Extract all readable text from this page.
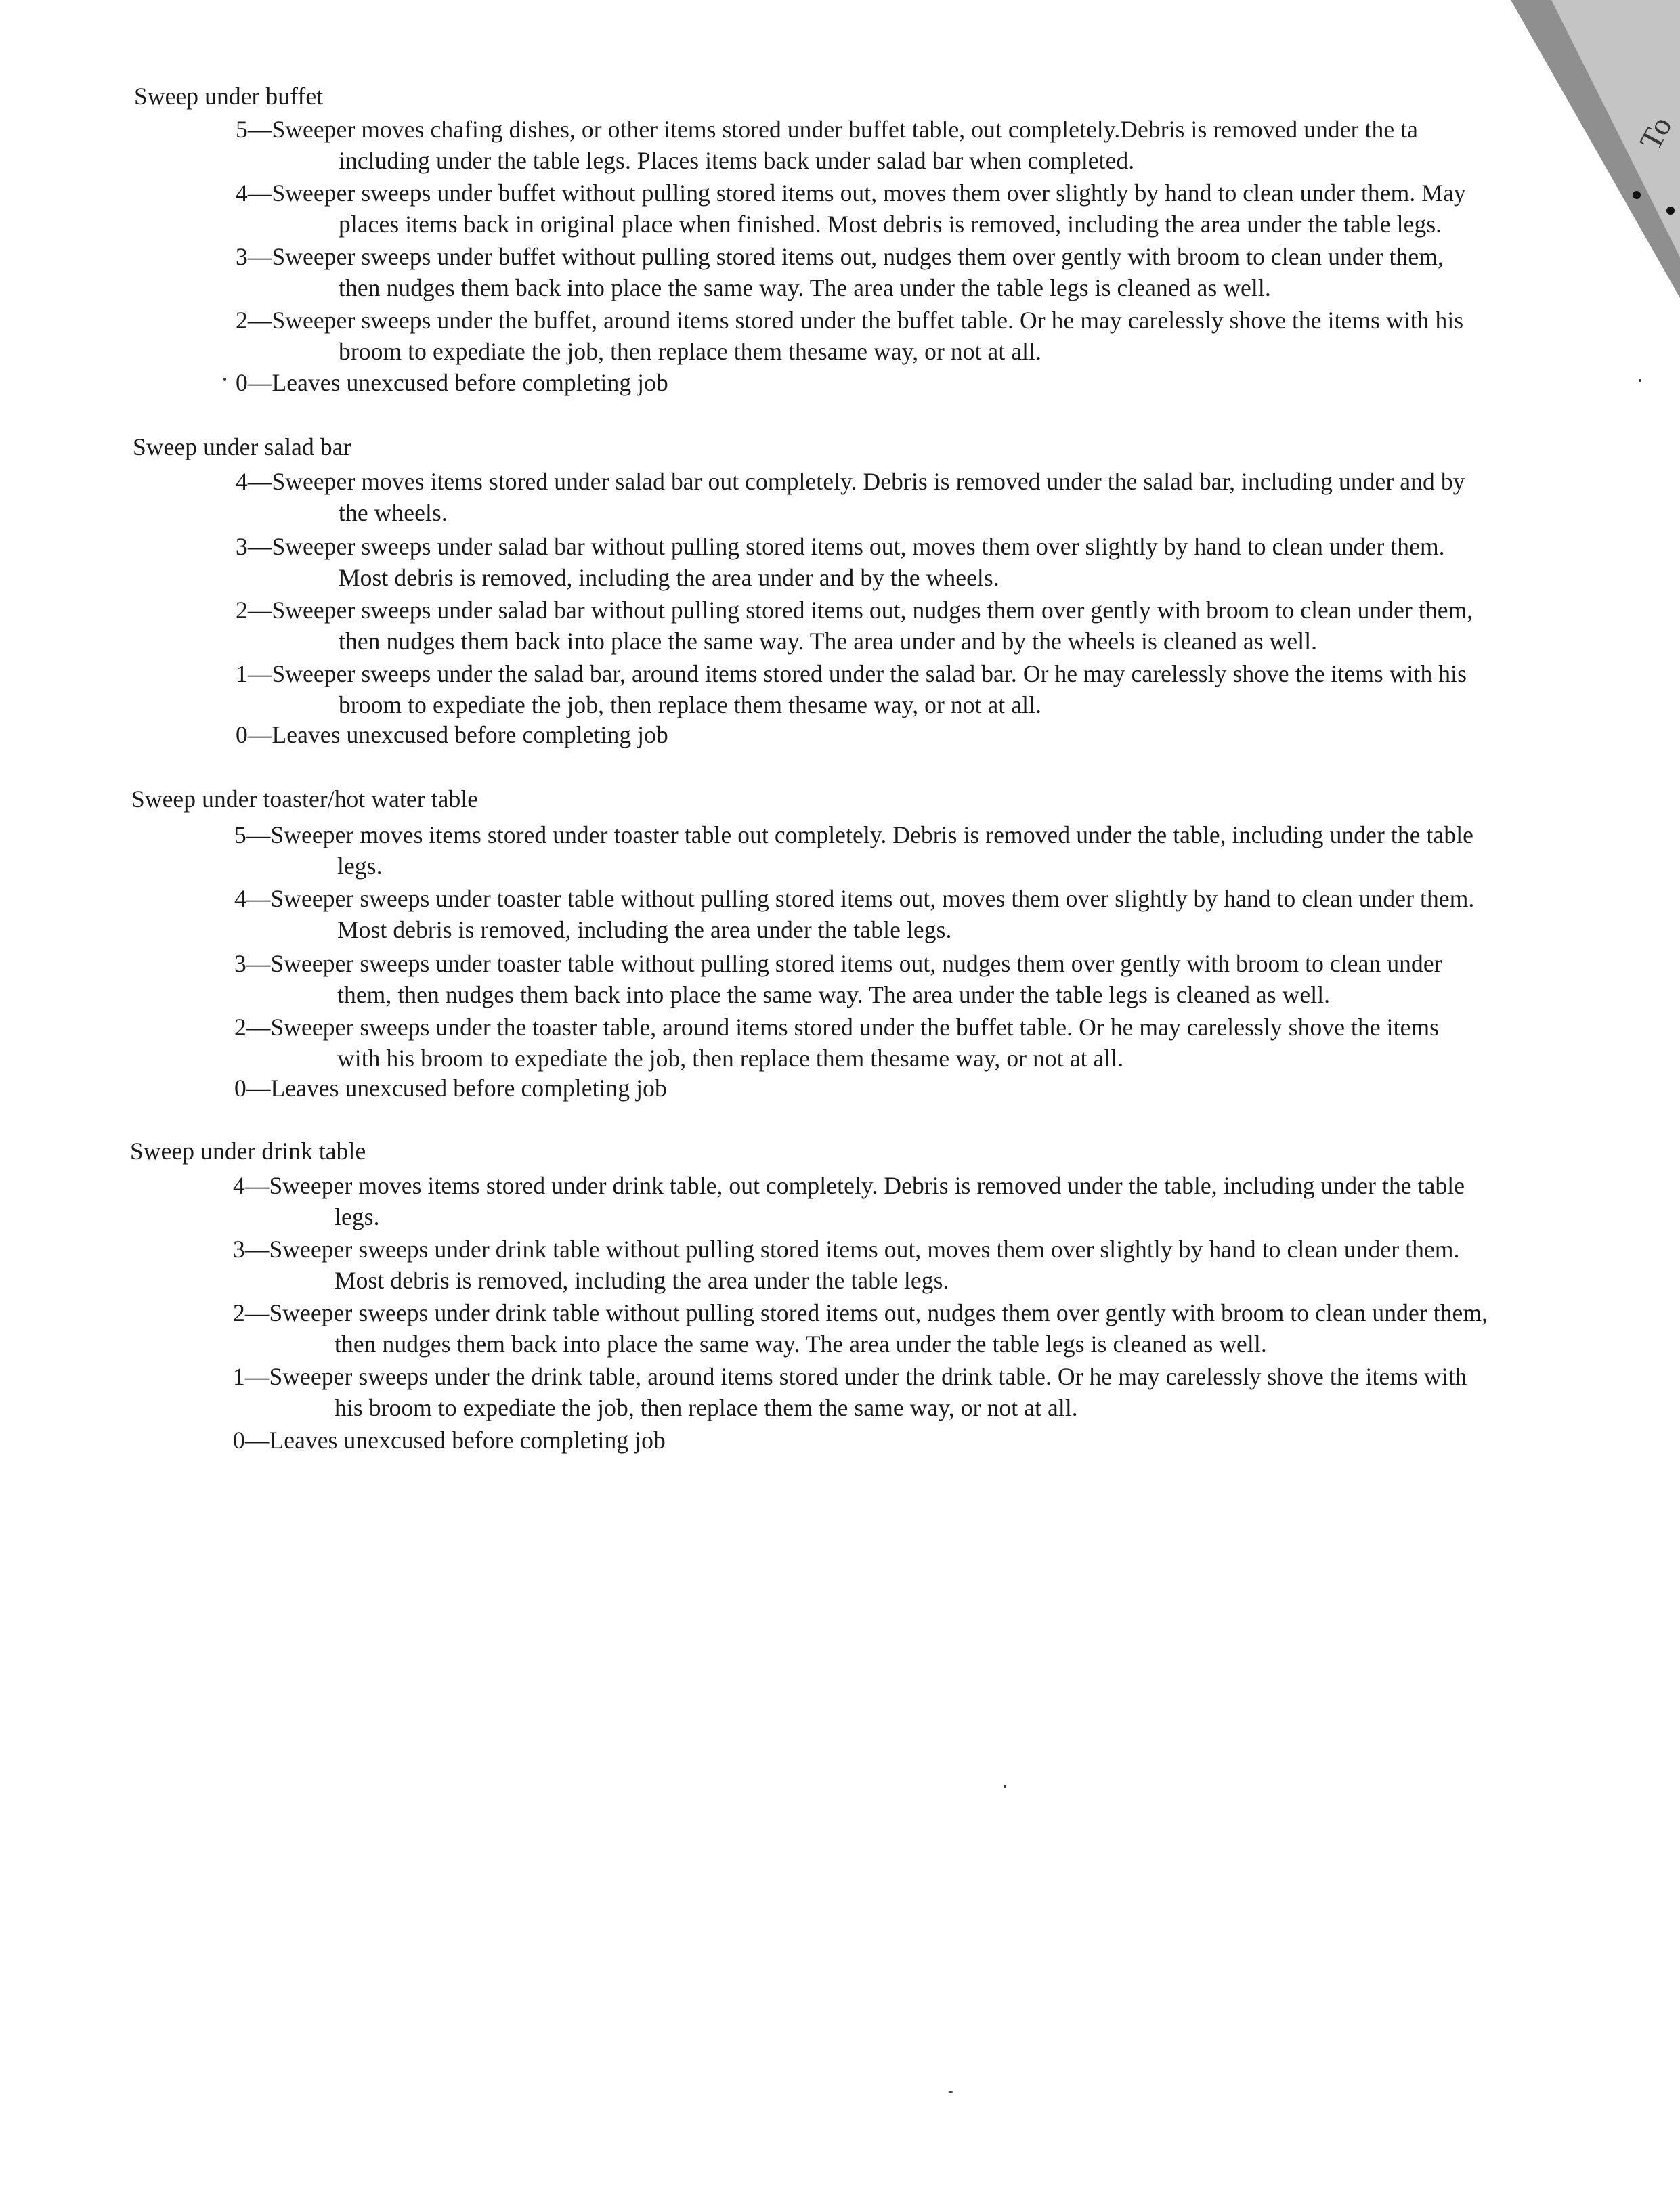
To
Sweep under buffet
5—Sweeper moves chafing dishes, or other items stored under buffet table, out completely.Debris is removed under the ta
including under the table legs. Places items back under salad bar when completed.
4—Sweeper sweeps under buffet without pulling stored items out, moves them over slightly by hand to clean under them. May
places items back in original place when finished. Most debris is removed, including the area under the table legs.
3—Sweeper sweeps under buffet without pulling stored items out, nudges them over gently with broom to clean under them,
then nudges them back into place the same way. The area under the table legs is cleaned as well.
2—Sweeper sweeps under the buffet, around items stored under the buffet table. Or he may carelessly shove the items with his
broom to expediate the job, then replace them thesame way, or not at all.
0—Leaves unexcused before completing job
Sweep under salad bar
4—Sweeper moves items stored under salad bar out completely. Debris is removed under the salad bar, including under and by
the wheels.
3—Sweeper sweeps under salad bar without pulling stored items out, moves them over slightly by hand to clean under them.
Most debris is removed, including the area under and by the wheels.
2—Sweeper sweeps under salad bar without pulling stored items out, nudges them over gently with broom to clean under them,
then nudges them back into place the same way. The area under and by the wheels is cleaned as well.
1—Sweeper sweeps under the salad bar, around items stored under the salad bar. Or he may carelessly shove the items with his
broom to expediate the job, then replace them thesame way, or not at all.
0—Leaves unexcused before completing job
Sweep under toaster/hot water table
5—Sweeper moves items stored under toaster table out completely. Debris is removed under the table, including under the table
legs.
4—Sweeper sweeps under toaster table without pulling stored items out, moves them over slightly by hand to clean under them.
Most debris is removed, including the area under the table legs.
3—Sweeper sweeps under toaster table without pulling stored items out, nudges them over gently with broom to clean under
them, then nudges them back into place the same way. The area under the table legs is cleaned as well.
2—Sweeper sweeps under the toaster table, around items stored under the buffet table. Or he may carelessly shove the items
with his broom to expediate the job, then replace them thesame way, or not at all.
0—Leaves unexcused before completing job
Sweep under drink table
4—Sweeper moves items stored under drink table, out completely. Debris is removed under the table, including under the table
legs.
3—Sweeper sweeps under drink table without pulling stored items out, moves them over slightly by hand to clean under them.
Most debris is removed, including the area under the table legs.
2—Sweeper sweeps under drink table without pulling stored items out, nudges them over gently with broom to clean under them,
then nudges them back into place the same way. The area under the table legs is cleaned as well.
1—Sweeper sweeps under the drink table, around items stored under the drink table. Or he may carelessly shove the items with
his broom to expediate the job, then replace them the same way, or not at all.
0—Leaves unexcused before completing job
